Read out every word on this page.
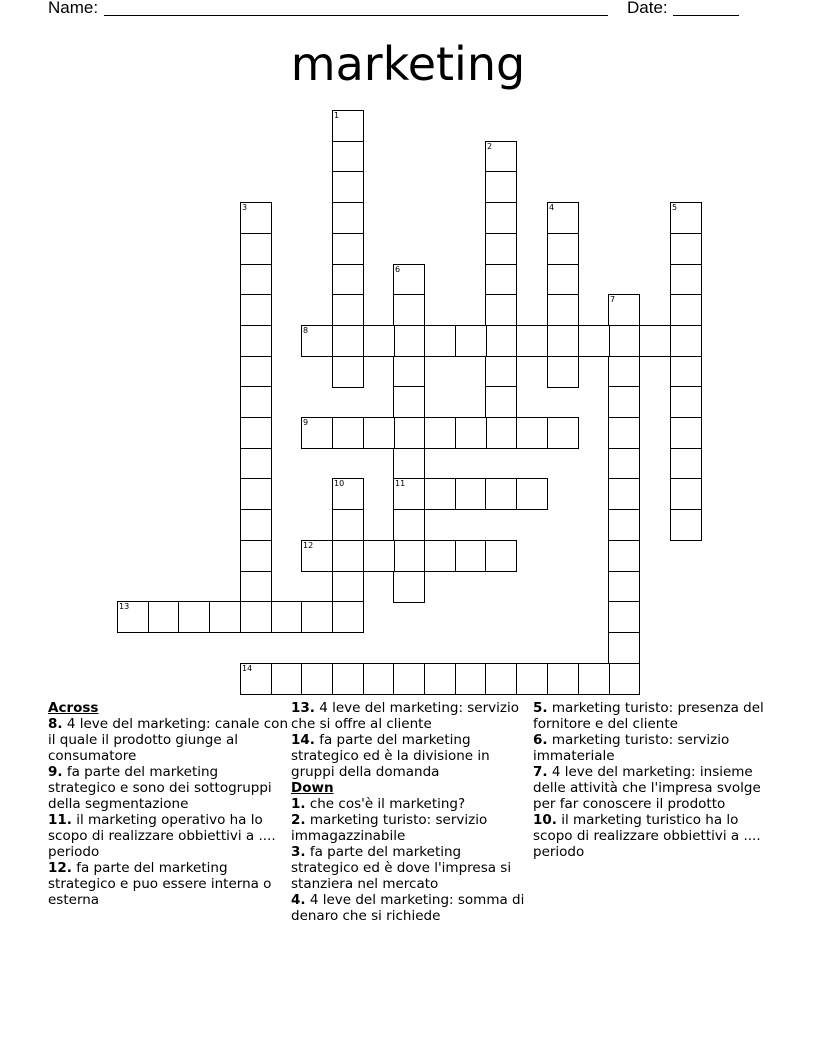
Name:	Date:
marketing
1
2
3	4	5
6
7
8
9
10	11
12
13
14

Across

8. 4 leve del marketing: canale con il quale il prodotto giunge al consumatore

9. fa parte del marketing strategico e sono dei sottogruppi della segmentazione

11. il marketing operativo ha lo scopo di realizzare obbiettivi a .... periodo

12. fa parte del marketing strategico e puo essere interna o esterna

13. 4 leve del marketing: servizio che si offre al cliente

14. fa parte del marketing strategico ed è la divisione in gruppi della domanda

Down

1. che cos'è il marketing?

2. marketing turisto: servizio immagazzinabile

3. fa parte del marketing strategico ed è dove l'impresa si stanziera nel mercato

4. 4 leve del marketing: somma di denaro che si richiede

5. marketing turisto: presenza del fornitore e del cliente

6. marketing turisto: servizio immateriale

7. 4 leve del marketing: insieme delle attività che l'impresa svolge per far conoscere il prodotto

10. il marketing turistico ha lo scopo di realizzare obbiettivi a .... periodo
